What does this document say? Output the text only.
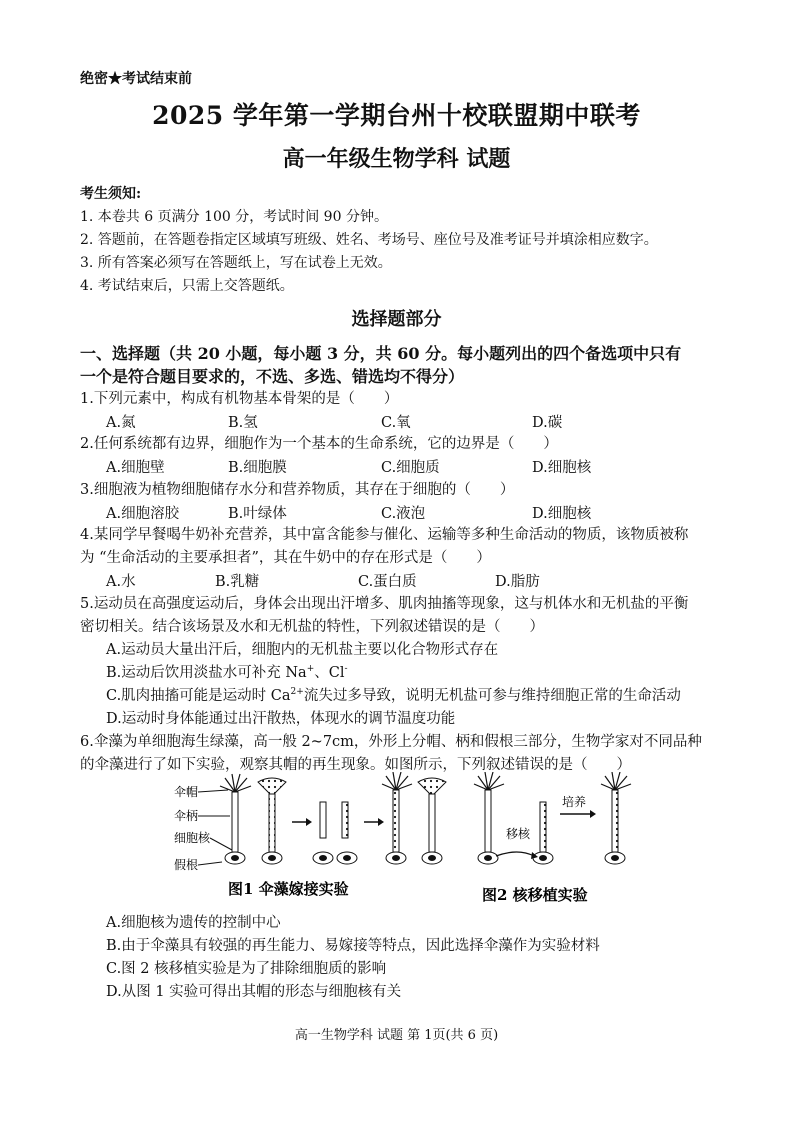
绝密★考试结束前
2025 学年第一学期台州十校联盟期中联考
高一年级生物学科 试题
考生须知:
1. 本卷共 6 页满分 100 分，考试时间 90 分钟。
2. 答题前，在答题卷指定区域填写班级、姓名、考场号、座位号及准考证号并填涂相应数字。
3. 所有答案必须写在答题纸上，写在试卷上无效。
4. 考试结束后，只需上交答题纸。
选择题部分
一、选择题（共 20 小题，每小题 3 分，共 60 分。每小题列出的四个备选项中只有
一个是符合题目要求的，不选、多选、错选均不得分）
1.下列元素中，构成有机物基本骨架的是（　　）
A.氮	B.氢	C.氧	D.碳
2.任何系统都有边界，细胞作为一个基本的生命系统，它的边界是（　　）
A.细胞壁	B.细胞膜	C.细胞质	D.细胞核
3.细胞液为植物细胞储存水分和营养物质，其存在于细胞的（　　）
A.细胞溶胶	B.叶绿体	C.液泡	D.细胞核
4.某同学早餐喝牛奶补充营养，其中富含能参与催化、运输等多种生命活动的物质，该物质被称
为 “生命活动的主要承担者”，其在牛奶中的存在形式是（　　）
A.水	B.乳糖	C.蛋白质	D.脂肪
5.运动员在高强度运动后，身体会出现出汗增多、肌肉抽搐等现象，这与机体水和无机盐的平衡
密切相关。结合该场景及水和无机盐的特性，下列叙述错误的是（　　）
A.运动员大量出汗后，细胞内的无机盐主要以化合物形式存在
B.运动后饮用淡盐水可补充 Na+、Cl-
C.肌肉抽搐可能是运动时 $Ca^{2+}$流失过多导致，说明无机盐可参与维持细胞正常的生命活动
D.运动时身体能通过出汗散热，体现水的调节温度功能
6.伞藻为单细胞海生绿藻，高一般 2~7cm，外形上分帽、柄和假根三部分，生物学家对不同品种
的伞藻进行了如下实验，观察其帽的再生现象。如图所示，下列叙述错误的是（　　）
伞帽
伞柄
细胞核
假根
移核
培养
图1 伞藻嫁接实验	图2 核移植实验
A.细胞核为遗传的控制中心
B.由于伞藻具有较强的再生能力、易嫁接等特点，因此选择伞藻作为实验材料
C.图 2 核移植实验是为了排除细胞质的影响
D.从图 1 实验可得出其帽的形态与细胞核有关
高一生物学科 试题 第 1页(共 6 页)
